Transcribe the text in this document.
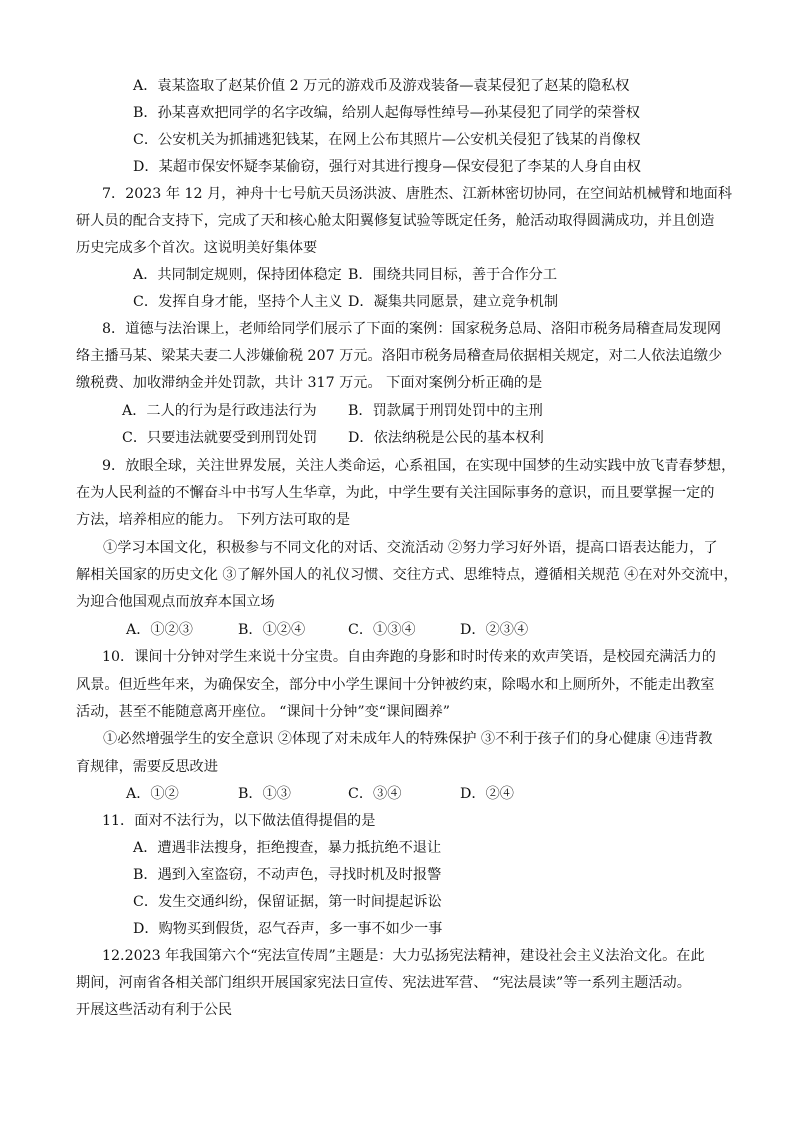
A．袁某盗取了赵某价值 2 万元的游戏币及游戏装备—袁某侵犯了赵某的隐私权
B．孙某喜欢把同学的名字改编，给别人起侮辱性绰号—孙某侵犯了同学的荣誉权
C．公安机关为抓捕逃犯钱某，在网上公布其照片—公安机关侵犯了钱某的肖像权
D．某超市保安怀疑李某偷窃，强行对其进行搜身—保安侵犯了李某的人身自由权
7．2023 年 12 月，神舟十七号航天员汤洪波、唐胜杰、江新林密切协同，在空间站机械臂和地面科
研人员的配合支持下，完成了天和核心舱太阳翼修复试验等既定任务，舱活动取得圆满成功，并且创造
历史完成多个首次。这说明美好集体要
A．共同制定规则，保持团体稳定 B．围绕共同目标，善于合作分工
C．发挥自身才能，坚持个人主义 D．凝集共同愿景，建立竞争机制
8．道德与法治课上，老师给同学们展示了下面的案例：国家税务总局、洛阳市税务局稽查局发现网
络主播马某、梁某夫妻二人涉嫌偷税 207 万元。洛阳市税务局稽查局依据相关规定，对二人依法追缴少
缴税费、加收滞纳金并处罚款，共计 317 万元。 下面对案例分析正确的是
A．二人的行为是行政违法行为 B．罚款属于刑罚处罚中的主刑
C．只要违法就要受到刑罚处罚 D．依法纳税是公民的基本权利
9．放眼全球，关注世界发展，关注人类命运，心系祖国，在实现中国梦的生动实践中放飞青春梦想，
在为人民利益的不懈奋斗中书写人生华章，为此，中学生要有关注国际事务的意识，而且要掌握一定的
方法，培养相应的能力。 下列方法可取的是
①学习本国文化，积极参与不同文化的对话、交流活动 ②努力学习好外语，提高口语表达能力，了
解相关国家的历史文化 ③了解外国人的礼仪习惯、交往方式、思维特点，遵循相关规范 ④在对外交流中，
为迎合他国观点而放弃本国立场
A．①②③	B．①②④	C．①③④	D．②③④
10．课间十分钟对学生来说十分宝贵。自由奔跑的身影和时时传来的欢声笑语，是校园充满活力的
风景。但近些年来，为确保安全，部分中小学生课间十分钟被约束，除喝水和上厕所外，不能走出教室
活动，甚至不能随意离开座位。 “课间十分钟”变“课间圈养”
①必然增强学生的安全意识 ②体现了对未成年人的特殊保护 ③不利于孩子们的身心健康 ④违背教
育规律，需要反思改进
A．①②	B．①③	C．③④	D．②④
11．面对不法行为，以下做法值得提倡的是
A．遭遇非法搜身，拒绝搜查，暴力抵抗绝不退让
B．遇到入室盗窃，不动声色，寻找时机及时报警
C．发生交通纠纷，保留证据，第一时间提起诉讼
D．购物买到假货，忍气吞声，多一事不如少一事
12.2023 年我国第六个“宪法宣传周”主题是：大力弘扬宪法精神，建设社会主义法治文化。在此
期间，河南省各相关部门组织开展国家宪法日宣传、宪法进军营、 “宪法晨读”等一系列主题活动。
开展这些活动有利于公民
